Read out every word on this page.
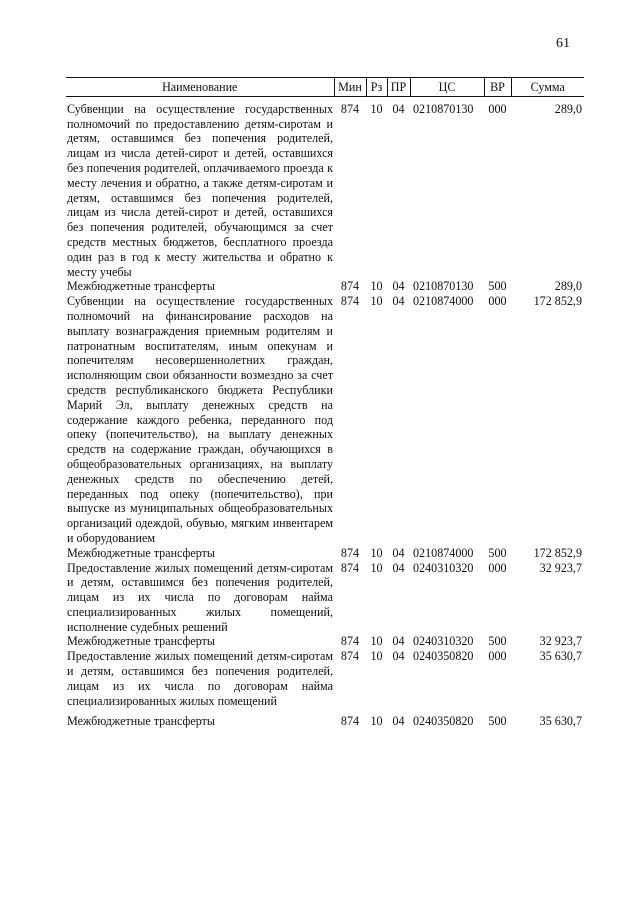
61
Наименование	Мин	Рз	ПР	ЦС	ВР	Сумма
Субвенции на осуществление государственных полномочий по предоставлению детям-сиротам и детям, оставшимся без попечения родителей, лицам из числа детей-сирот и детей, оставшихся без попечения родителей, оплачиваемого проезда к месту лечения и обратно, а также детям-сиротам и детям, оставшимся без попечения родителей, лицам из числа детей-сирот и детей, оставшихся без попечения родителей, обучающимся за счет средств местных бюджетов, бесплатного проезда один раз в год к месту жительства и обратно к месту учебы	874	10	04	0210870130	000	289,0
Межбюджетные трансферты	874	10	04	0210870130	500	289,0
Субвенции на осуществление государственных полномочий на финансирование расходов на выплату вознаграждения приемным родителям и патронатным воспитателям, иным опекунам и попечителям несовершеннолетних граждан, исполняющим свои обязанности возмездно за счет средств республиканского бюджета Республики Марий Эл, выплату денежных средств на содержание каждого ребенка, переданного под опеку (попечительство), на выплату денежных средств на содержание граждан, обучающихся в общеобразовательных организациях, на выплату денежных средств по обеспечению детей, переданных под опеку (попечительство), при выпуске из муниципальных общеобразовательных организаций одеждой, обувью, мягким инвентарем и оборудованием	874	10	04	0210874000	000	172 852,9
Межбюджетные трансферты	874	10	04	0210874000	500	172 852,9
Предоставление жилых помещений детям-сиротам и детям, оставшимся без попечения родителей, лицам из их числа по договорам найма специализированных жилых помещений, исполнение судебных решений	874	10	04	0240310320	000	32 923,7
Межбюджетные трансферты	874	10	04	0240310320	500	32 923,7
Предоставление жилых помещений детям-сиротам и детям, оставшимся без попечения родителей, лицам из их числа по договорам найма специализированных жилых помещений	874	10	04	0240350820	000	35 630,7

Межбюджетные трансферты	874	10	04	0240350820	500	35 630,7
